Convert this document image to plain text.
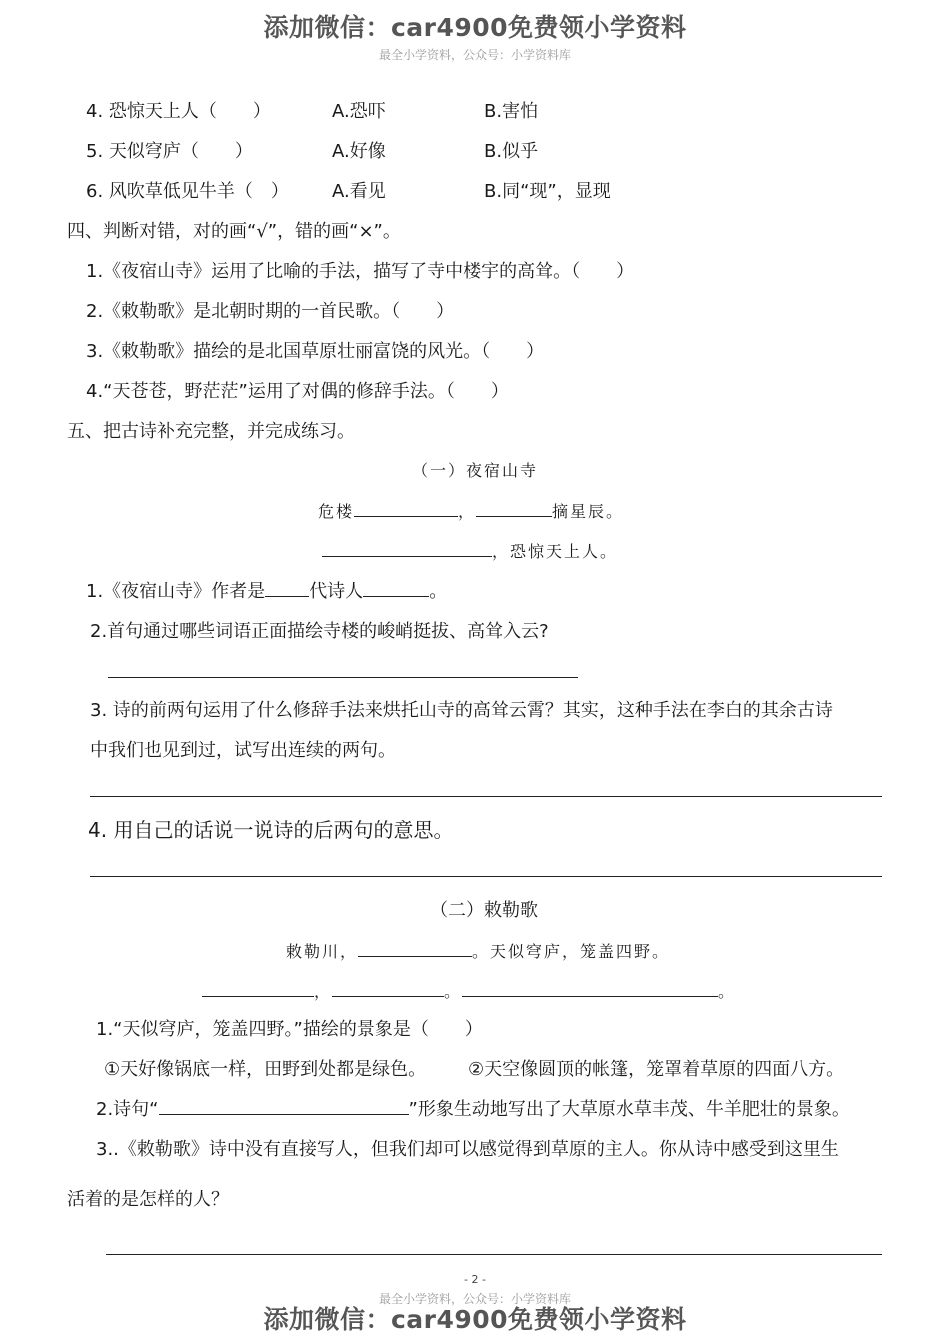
添加微信：car4900免费领小学资料
最全小学资料，公众号：小学资料库
4. 恐惊天上人（　　）	A.恐吓	B.害怕
5. 天似穹庐（　　）	A.好像	B.似乎
6. 风吹草低见牛羊（　） A.看见	B.同“现”，显现
四、判断对错，对的画“√”，错的画“×”。
1.《夜宿山寺》运用了比喻的手法，描写了寺中楼宇的高耸。（　　）
2.《敕勒歌》是北朝时期的一首民歌。（　　）
3.《敕勒歌》描绘的是北国草原壮丽富饶的风光。（　　）
4.“天苍苍，野茫茫”运用了对偶的修辞手法。（　　）
五、把古诗补充完整，并完成练习。
（一）夜宿山寺
危楼	，	摘星辰。
，恐惊天上人。
1.《夜宿山寺》作者是 代诗人	。
2.首句通过哪些词语正面描绘寺楼的峻峭挺拔、高耸入云?
3. 诗的前两句运用了什么修辞手法来烘托山寺的高耸云霄？其实，这种手法在李白的其余古诗
中我们也见到过，试写出连续的两句。
4. 用自己的话说一说诗的后两句的意思。
（二）敕勒歌
敕勒川，	。天似穹庐，笼盖四野。
，	。	。
1.“天似穹庐，笼盖四野。”描绘的景象是（　　）
①天好像锅底一样，田野到处都是绿色。 ②天空像圆顶的帐篷，笼罩着草原的四面八方。
2.诗句“	”形象生动地写出了大草原水草丰茂、牛羊肥壮的景象。
3..《敕勒歌》诗中没有直接写人，但我们却可以感觉得到草原的主人。你从诗中感受到这里生
活着的是怎样的人？
- 2 -
最全小学资料，公众号：小学资料库
添加微信：car4900免费领小学资料
